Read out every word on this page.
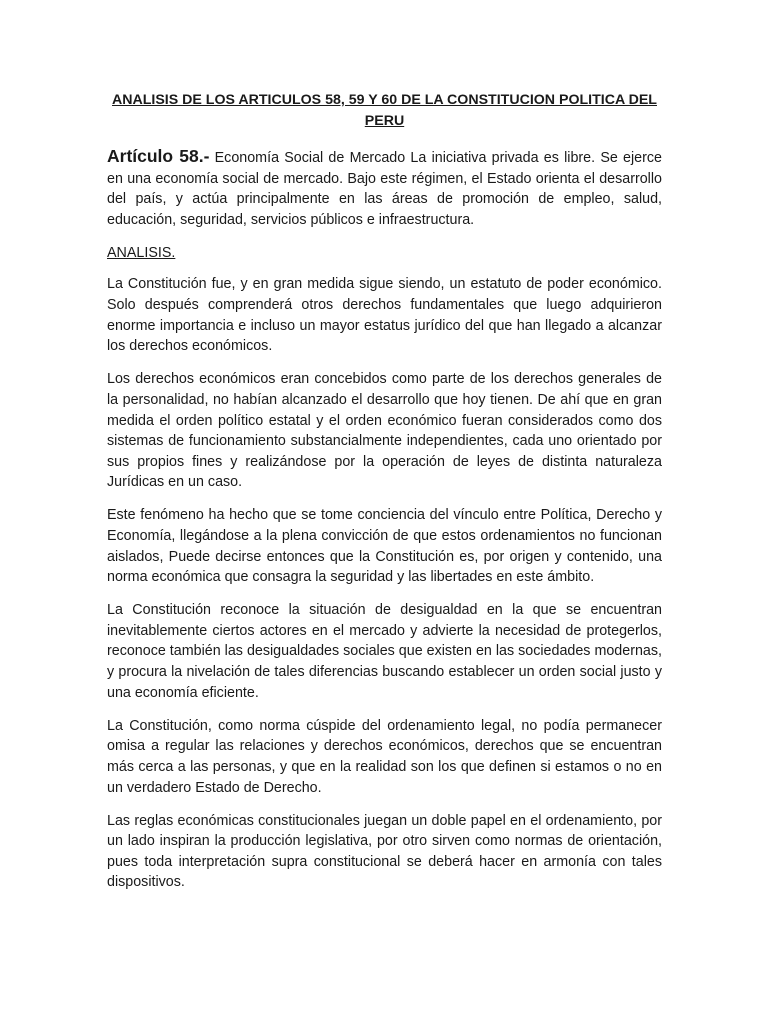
ANALISIS DE LOS ARTICULOS 58, 59 Y 60 DE LA CONSTITUCION POLITICA DEL PERU

Artículo 58.- Economía Social de Mercado La iniciativa privada es libre. Se ejerce en una economía social de mercado. Bajo este régimen, el Estado orienta el desarrollo del país, y actúa principalmente en las áreas de promoción de empleo, salud, educación, seguridad, servicios públicos e infraestructura.

ANALISIS.

La Constitución fue, y en gran medida sigue siendo, un estatuto de poder económico. Solo después comprenderá otros derechos fundamentales que luego adquirieron enorme importancia e incluso un mayor estatus jurídico del que han llegado a alcanzar los derechos económicos.

Los derechos económicos eran concebidos como parte de los derechos generales de la personalidad, no habían alcanzado el desarrollo que hoy tienen. De ahí que en gran medida el orden político estatal y el orden económico fueran considerados como dos sistemas de funcionamiento substancialmente independientes, cada uno orientado por sus propios fines y realizándose por la operación de leyes de distinta naturaleza Jurídicas en un caso.

Este fenómeno ha hecho que se tome conciencia del vínculo entre Política, Derecho y Economía, llegándose a la plena convicción de que estos ordenamientos no funcionan aislados, Puede decirse entonces que la Constitución es, por origen y contenido, una norma económica que consagra la seguridad y las libertades en este ámbito.

La Constitución reconoce la situación de desigualdad en la que se encuentran inevitablemente ciertos actores en el mercado y advierte la necesidad de protegerlos, reconoce también las desigualdades sociales que existen en las sociedades modernas, y procura la nivelación de tales diferencias buscando establecer un orden social justo y una economía eficiente.

La Constitución, como norma cúspide del ordenamiento legal, no podía permanecer omisa a regular las relaciones y derechos económicos, derechos que se encuentran más cerca a las personas, y que en la realidad son los que definen si estamos o no en un verdadero Estado de Derecho.

Las reglas económicas constitucionales juegan un doble papel en el ordenamiento, por un lado inspiran la producción legislativa, por otro sirven como normas de orientación, pues toda interpretación supra constitucional se deberá hacer en armonía con tales dispositivos.
